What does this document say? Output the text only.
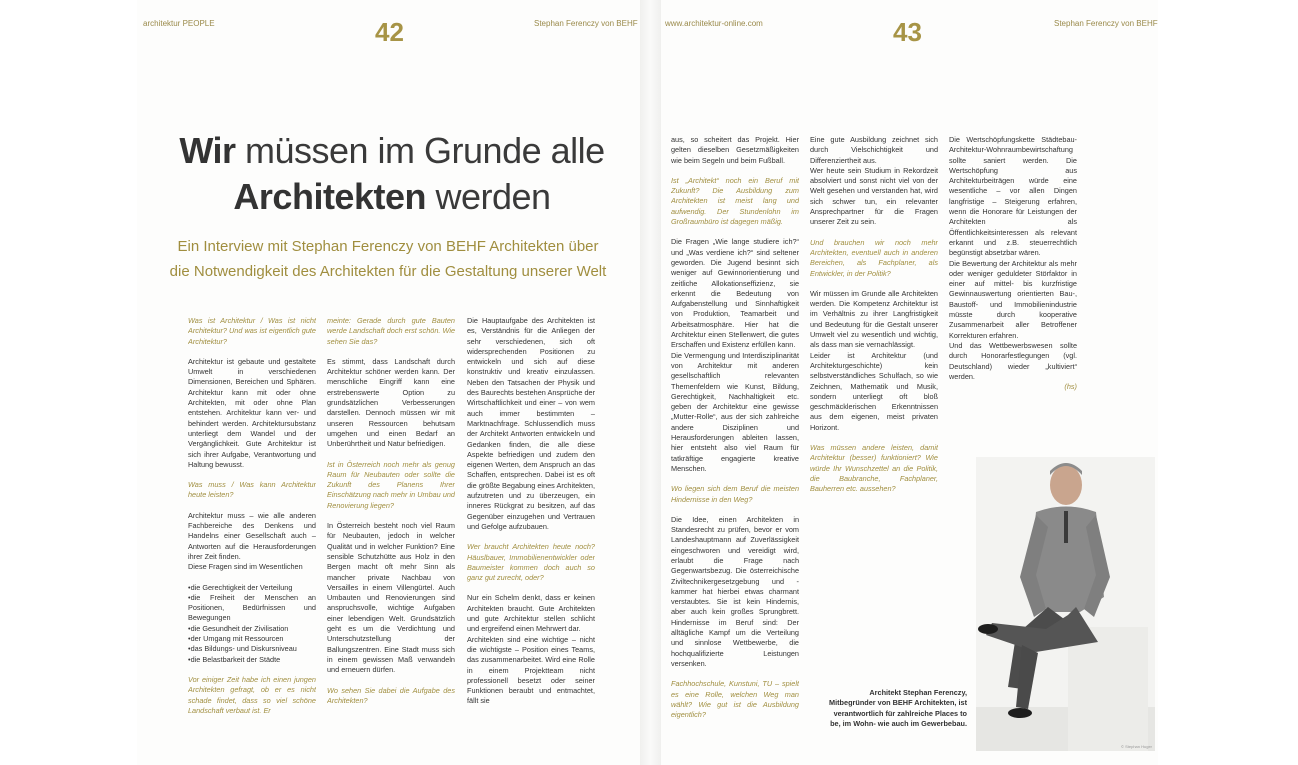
architektur PEOPLE	42	Stephan Ferenczy von BEHF	www.architektur-online.com	43	Stephan Ferenczy von BEHF
Wir müssen im Grunde alle
Architekten werden
Ein Interview mit Stephan Ferenczy von BEHF Architekten über die Notwendigkeit des Architekten für die Gestaltung unserer Welt

Was ist Architektur / Was ist nicht Architektur? Und was ist eigentlich gute Architektur?

Architektur ist gebaute und gestaltete Umwelt in verschiedenen Dimensionen, Bereichen und Sphären. Architektur kann mit oder ohne Architekten, mit oder ohne Plan entstehen. Architektur kann ver- und behindert werden. Architektursubstanz unterliegt dem Wandel und der Vergänglichkeit. Gute Architektur ist sich ihrer Aufgabe, Verantwortung und Haltung bewusst.

Was muss / Was kann Architektur heute leisten?

Architektur muss – wie alle anderen Fachbereiche des Denkens und Handelns einer Gesellschaft auch – Antworten auf die Herausforderungen ihrer Zeit finden.

Diese Fragen sind im Wesentlichen

• die Gerechtigkeit der Verteilung
• die Freiheit der Menschen an Positionen, Bedürfnissen und Bewegungen
• die Gesundheit der Zivilisation
• der Umgang mit Ressourcen
• das Bildungs- und Diskursniveau
• die Belastbarkeit der Städte

Vor einiger Zeit habe ich einen jungen Architekten gefragt, ob er es nicht schade findet, dass so viel schöne Landschaft verbaut ist. Er

meinte: Gerade durch gute Bauten werde Landschaft doch erst schön. Wie sehen Sie das?

Es stimmt, dass Landschaft durch Architektur schöner werden kann. Der menschliche Eingriff kann eine erstrebenswerte Option zu grundsätzlichen Verbesserungen darstellen. Dennoch müssen wir mit unseren Ressourcen behutsam umgehen und einen Bedarf an Unberührtheit und Natur befriedigen.

Ist in Österreich noch mehr als genug Raum für Neubauten oder sollte die Zukunft des Planens Ihrer Einschätzung nach mehr in Umbau und Renovierung liegen?

In Österreich besteht noch viel Raum für Neubauten, jedoch in welcher Qualität und in welcher Funktion? Eine sensible Schutzhütte aus Holz in den Bergen macht oft mehr Sinn als mancher private Nachbau von Versailles in einem Villengürtel. Auch Umbauten und Renovierungen sind anspruchsvolle, wichtige Aufgaben einer lebendigen Welt. Grundsätzlich geht es um die Verdichtung und Unterschutzstellung der Ballungszentren. Eine Stadt muss sich in einem gewissen Maß verwandeln und erneuern dürfen.

Wo sehen Sie dabei die Aufgabe des Architekten?

Die Hauptaufgabe des Architekten ist es, Verständnis für die Anliegen der sehr verschiedenen, sich oft widersprechenden Positionen zu entwickeln und sich auf diese konstruktiv und kreativ einzulassen. Neben den Tatsachen der Physik und des Baurechts bestehen Ansprüche der Wirtschaftlichkeit und einer – von wem auch immer bestimmten – Marktnachfrage. Schlussendlich muss der Architekt Antworten entwickeln und Gedanken finden, die alle diese Aspekte befriedigen und zudem den eigenen Werten, dem Anspruch an das Schaffen, entsprechen. Dabei ist es oft die größte Begabung eines Architekten, aufzutreten und zu überzeugen, ein inneres Rückgrat zu besitzen, auf das Gegenüber einzugehen und Vertrauen und Gefolge aufzubauen.

Wer braucht Architekten heute noch? Häuslbauer, Immobilienentwickler oder Baumeister kommen doch auch so ganz gut zurecht, oder?

Nur ein Schelm denkt, dass er keinen Architekten braucht. Gute Architekten und gute Architektur stellen schlicht und ergreifend einen Mehrwert dar.

Architekten sind eine wichtige – nicht die wichtigste – Position eines Teams, das zusammenarbeitet. Wird eine Rolle in einem Projektteam nicht professionell besetzt oder seiner Funktionen beraubt und entmachtet, fällt sie

aus, so scheitert das Projekt. Hier gelten dieselben Gesetzmäßigkeiten wie beim Segeln und beim Fußball.

Ist „Architekt“ noch ein Beruf mit Zukunft? Die Ausbildung zum Architekten ist meist lang und aufwendig. Der Stundenlohn im Großraumbüro ist dagegen mäßig.

Die Fragen „Wie lange studiere ich?“ und „Was verdiene ich?“ sind seltener geworden. Die Jugend besinnt sich weniger auf Gewinnorientierung und zeitliche Allokationseffizienz, sie erkennt die Bedeutung von Aufgabenstellung und Sinnhaftigkeit von Produktion, Teamarbeit und Arbeitsatmosphäre. Hier hat die Architektur einen Stellenwert, die gutes Erschaffen und Existenz erfüllen kann.

Die Vermengung und Interdisziplinarität von Architektur mit anderen gesellschaftlich relevanten Themenfeldern wie Kunst, Bildung, Gerechtigkeit, Nachhaltigkeit etc. geben der Architektur eine gewisse „Mutter-Rolle“, aus der sich zahlreiche andere Disziplinen und Herausforderungen ableiten lassen, hier entsteht also viel Raum für tatkräftige engagierte kreative Menschen.

Wo liegen sich dem Beruf die meisten Hindernisse in den Weg?

Die Idee, einen Architekten in Standesrecht zu prüfen, bevor er vom Landeshauptmann auf Zuverlässigkeit eingeschworen und vereidigt wird, erlaubt die Frage nach Gegenwartsbezug. Die österreichische Ziviltechnikergesetzgebung und -kammer hat hierbei etwas charmant verstaubtes. Sie ist kein Hindernis, aber auch kein großes Sprungbrett. Hindernisse im Beruf sind: Der alltägliche Kampf um die Verteilung und sinnlose Wettbewerbe, die hochqualifizierte Leistungen versenken.

Fachhochschule, Kunstuni, TU – spielt es eine Rolle, welchen Weg man wählt? Wie gut ist die Ausbildung eigentlich?

Eine gute Ausbildung zeichnet sich durch Vielschichtigkeit und Differenziertheit aus.

Wer heute sein Studium in Rekordzeit absolviert und sonst nicht viel von der Welt gesehen und verstanden hat, wird sich schwer tun, ein relevanter Ansprechpartner für die Fragen unserer Zeit zu sein.

Und brauchen wir noch mehr Architekten, eventuell auch in anderen Bereichen, als Fachplaner, als Entwickler, in der Politik?

Wir müssen im Grunde alle Architekten werden. Die Kompetenz Architektur ist im Verhältnis zu ihrer Langfristigkeit und Bedeutung für die Gestalt unserer Umwelt viel zu wesentlich und wichtig, als dass man sie vernachlässigt.

Leider ist Architektur (und Architekturgeschichte) kein selbstverständliches Schulfach, so wie Zeichnen, Mathematik und Musik, sondern unterliegt oft bloß geschmäcklerischen Erkenntnissen aus dem eigenen, meist privaten Horizont.

Was müssen andere leisten, damit Architektur (besser) funktioniert? Wie würde Ihr Wunschzettel an die Politik, die Baubranche, Fachplaner, Bauherren etc. aussehen?

Die Wertschöpfungskette Städtebau-Architektur-Wohnraumbewirtschaftung sollte saniert werden. Die Wertschöpfung aus Architekturbeiträgen würde eine wesentliche – vor allen Dingen langfristige – Steigerung erfahren, wenn die Honorare für Leistungen der Architekten als Öffentlichkeitsinteressen als relevant erkannt und z.B. steuerrechtlich begünstigt absetzbar wären.

Die Bewertung der Architektur als mehr oder weniger geduldeter Störfaktor in einer auf mittel- bis kurzfristige Gewinnauswertung orientierten Bau-, Baustoff- und Immobilienindustrie müsste durch kooperative Zusammenarbeit aller Betroffener Korrekturen erfahren.

Und das Wettbewerbswesen sollte durch Honorarfestlegungen (vgl. Deutschland) wieder „kultiviert“ werden.

(hs)

© Stephan Huger
Architekt Stephan Ferenczy, Mitbegründer von BEHF Architekten, ist verantwortlich für zahlreiche Places to be, im Wohn- wie auch im Gewerbebau.
